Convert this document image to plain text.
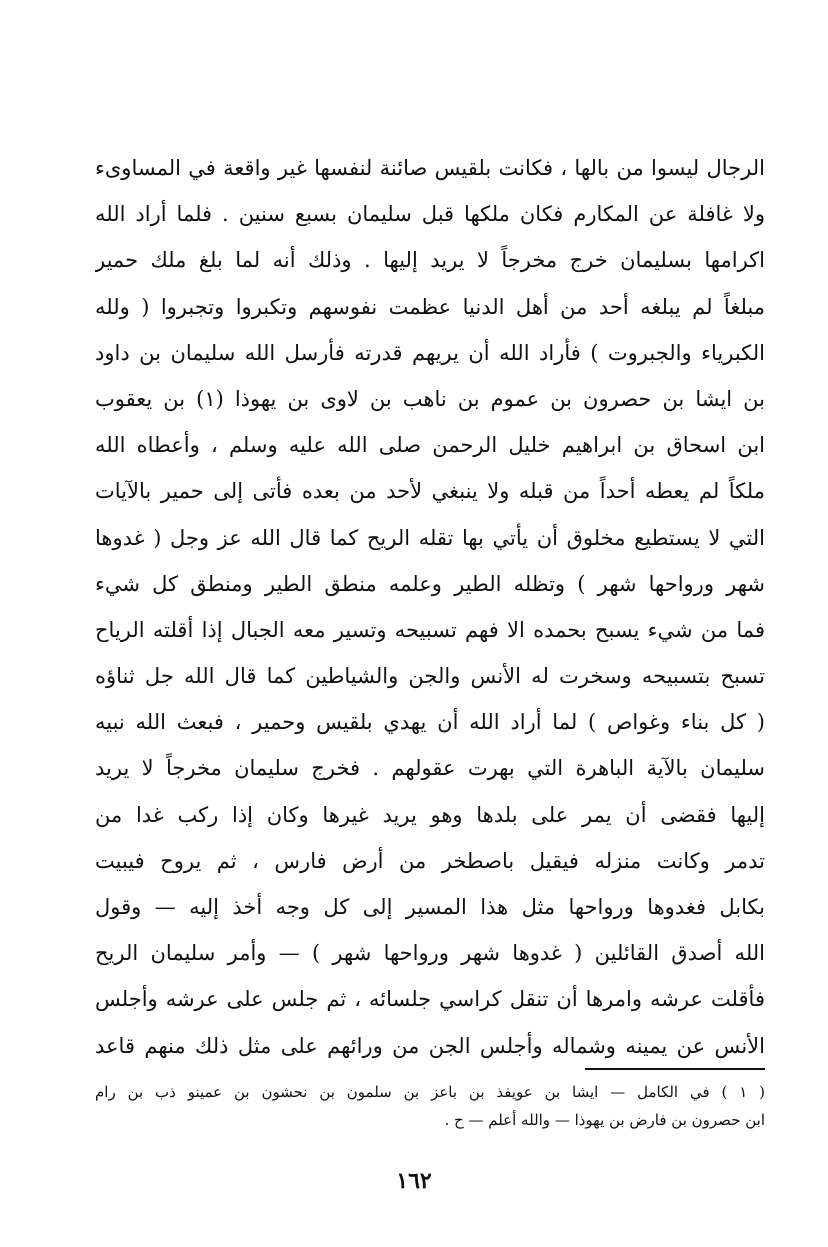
الرجال ليسوا من بالها ، فكانت بلقيس صائنة لنفسها غير واقعة في المساوىء
ولا غافلة عن المكارم فكان ملكها قبل سليمان بسبع سنين . فلما أراد الله
اكرامها بسليمان خرج مخرجاً لا يريد إليها . وذلك أنه لما بلغ ملك حمير
مبلغاً لم يبلغه أحد من أهل الدنيا عظمت نفوسهم وتكبروا وتجبروا ( ولله
الكبرياء والجبروت ) فأراد الله أن يريهم قدرته فأرسل الله سليمان بن داود
بن ايشا بن حصرون بن عموم بن ناهب بن لاوى بن يهوذا (١) بن يعقوب
ابن اسحاق بن ابراهيم خليل الرحمن صلى الله عليه وسلم ، وأعطاه الله
ملكاً لم يعطه أحداً من قبله ولا ينبغي لأحد من بعده فأتى إلى حمير بالآيات
التي لا يستطيع مخلوق أن يأتي بها تقله الريح كما قال الله عز وجل ( غدوها
شهر ورواحها شهر ) وتظله الطير وعلمه منطق الطير ومنطق كل شيء
فما من شيء يسبح بحمده الا فهم تسبيحه وتسير معه الجبال إذا أقلته الرياح
تسبح بتسبيحه وسخرت له الأنس والجن والشياطين كما قال الله جل ثناؤه
( كل بناء وغواص ) لما أراد الله أن يهدي بلقيس وحمير ، فبعث الله نبيه
سليمان بالآية الباهرة التي بهرت عقولهم . فخرج سليمان مخرجاً لا يريد
إليها فقضى أن يمر على بلدها وهو يريد غيرها وكان إذا ركب غدا من
تدمر وكانت منزله فيقيل باصطخر من أرض فارس ، ثم يروح فيبيت
بكابل فغدوها ورواحها مثل هذا المسير إلى كل وجه أخذ إليه — وقول
الله أصدق القائلين ( غدوها شهر ورواحها شهر ) — وأمر سليمان الريح
فأقلت عرشه وامرها أن تنقل كراسي جلسائه ، ثم جلس على عرشه وأجلس
الأنس عن يمينه وشماله وأجلس الجن من ورائهم على مثل ذلك منهم قاعد
( ١ ) في الكامل — ايشا بن عويفذ بن باعز بن سلمون بن نحشون بن عمينو ذب بن رام
ابن حصرون بن فارض بن يهوذا — والله أعلم — ح .
١٦٢
